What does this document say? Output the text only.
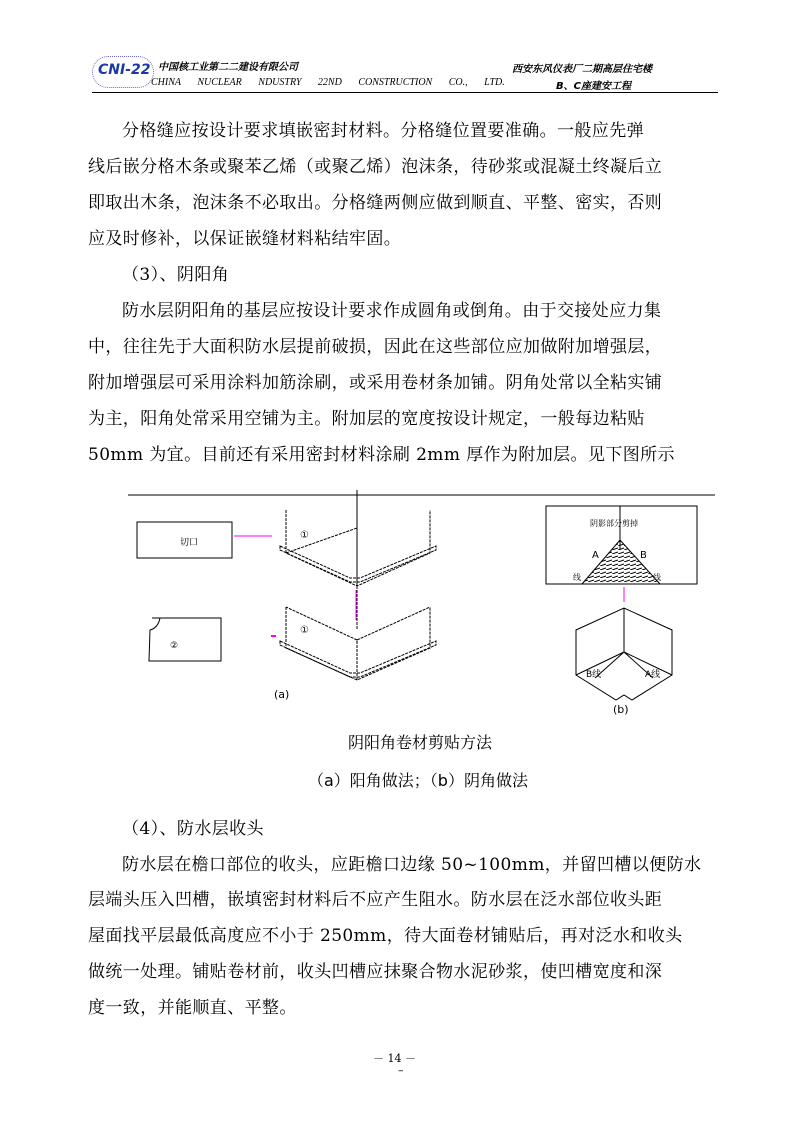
CNI-22 中国核工业第二二建设有限公司
CHINA NUCLEAR NDUSTRY 22ND CONSTRUCTION CO., LTD.
西安东风仪表厂二期高层住宅楼
B、C座建安工程
分格缝应按设计要求填嵌密封材料。分格缝位置要准确。一般应先弹
线后嵌分格木条或聚苯乙烯（或聚乙烯）泡沫条，待砂浆或混凝土终凝后立
即取出木条，泡沫条不必取出。分格缝两侧应做到顺直、平整、密实，否则
应及时修补，以保证嵌缝材料粘结牢固。
（3）、阴阳角
防水层阴阳角的基层应按设计要求作成圆角或倒角。由于交接处应力集
中，往往先于大面积防水层提前破损，因此在这些部位应加做附加增强层，
附加增强层可采用涂料加筋涂刷，或采用卷材条加铺。阴角处常以全粘实铺
为主，阳角处常采用空铺为主。附加层的宽度按设计规定，一般每边粘贴
50mm 为宜。目前还有采用密封材料涂刷 2mm 厚作为附加层。见下图所示
切口
②
①
①
(a)
阴影部分剪掉
A	B
线	线
B线	A线
(b)
阴阳角卷材剪贴方法
（a）阳角做法；（b）阴角做法
（4）、防水层收头
防水层在檐口部位的收头，应距檐口边缘 50~100mm，并留凹槽以便防水
层端头压入凹槽，嵌填密封材料后不应产生阻水。防水层在泛水部位收头距
屋面找平层最低高度应不小于 250mm，待大面卷材铺贴后，再对泛水和收头
做统一处理。铺贴卷材前，收头凹槽应抹聚合物水泥砂浆，使凹槽宽度和深
度一致，并能顺直、平整。
－ 14 －
–
